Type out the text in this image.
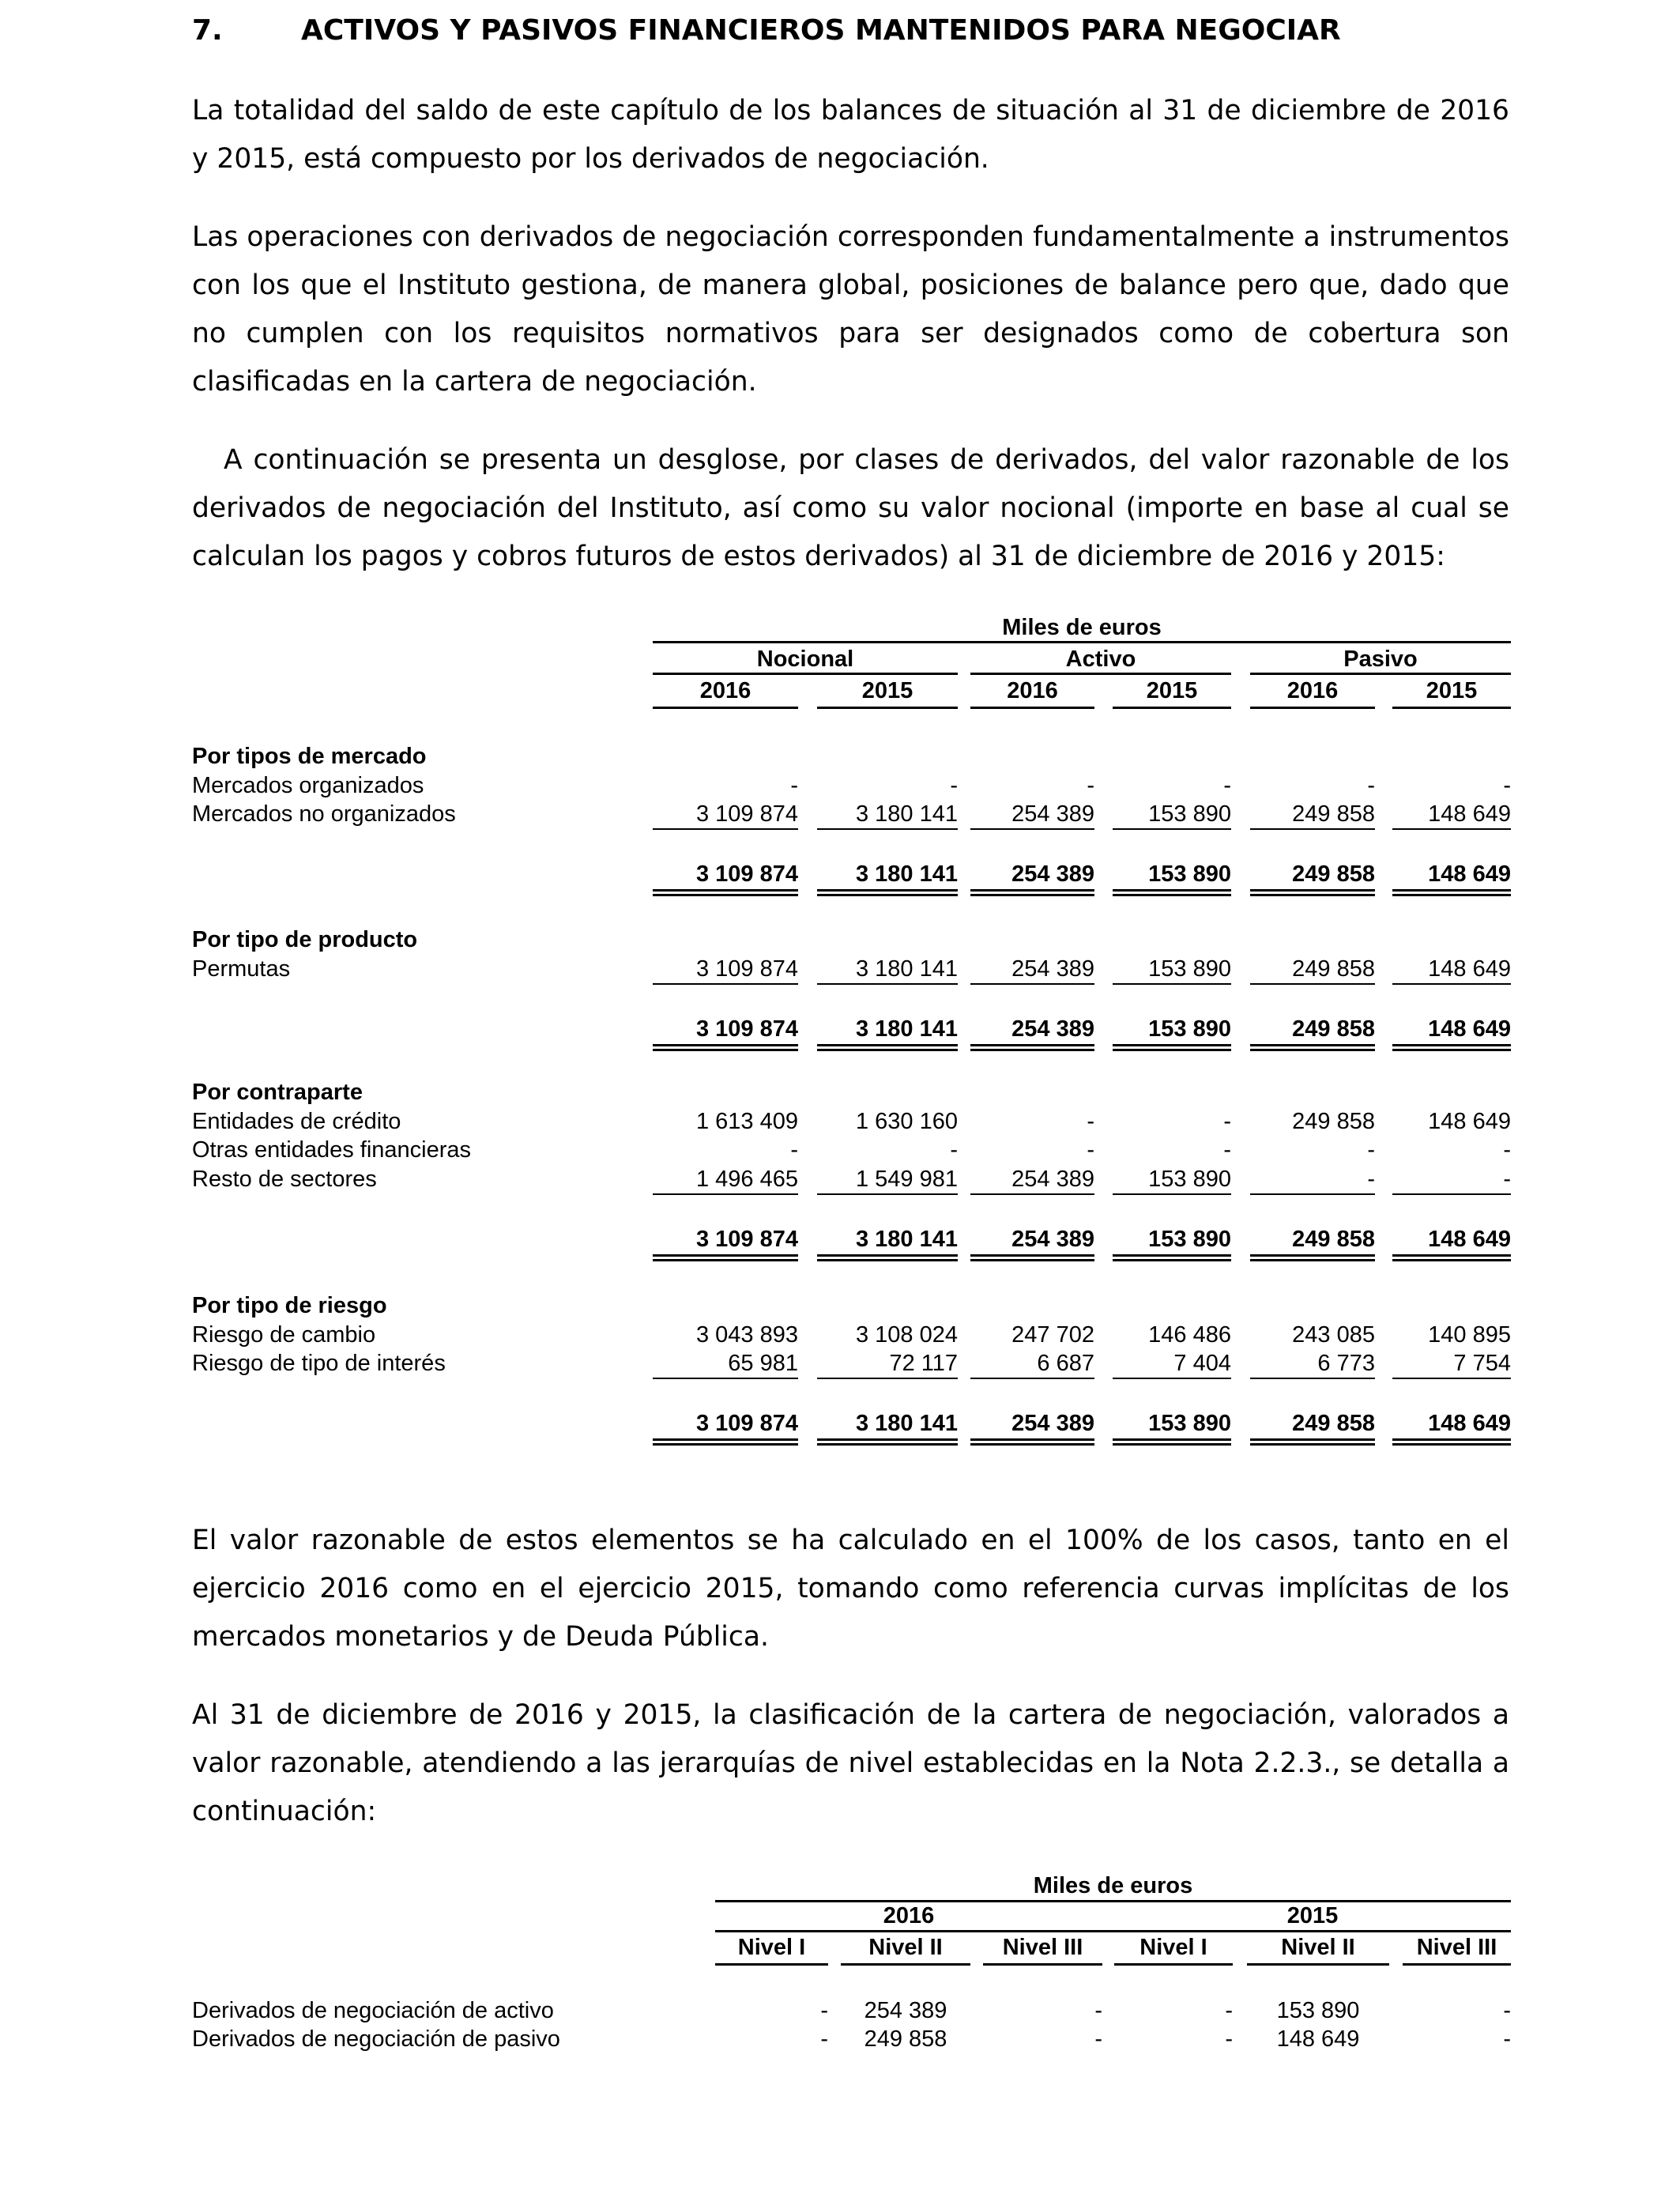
7.	ACTIVOS Y PASIVOS FINANCIEROS MANTENIDOS PARA NEGOCIAR

La totalidad del saldo de este capítulo de los balances de situación al 31 de diciembre de 2016 y 2015, está compuesto por los derivados de negociación.

Las operaciones con derivados de negociación corresponden fundamentalmente a instrumentos con los que el Instituto gestiona, de manera global, posiciones de balance pero que, dado que no cumplen con los requisitos normativos para ser designados como de cobertura son clasificadas en la cartera de negociación.

A continuación se presenta un desglose, por clases de derivados, del valor razonable de los derivados de negociación del Instituto, así como su valor nocional (importe en base al cual se calculan los pagos y cobros futuros de estos derivados) al 31 de diciembre de 2016 y 2015:

Miles de euros
Nocional	Activo	Pasivo
2016	2015	2016	2015	2016	2015
Por tipos de mercado
Mercados organizados	-	-	-	-	-	-
Mercados no organizados	3 109 874	3 180 141	254 389	153 890	249 858	148 649
3 109 874	3 180 141	254 389	153 890	249 858	148 649
Por tipo de producto
Permutas	3 109 874	3 180 141	254 389	153 890	249 858	148 649
3 109 874	3 180 141	254 389	153 890	249 858	148 649
Por contraparte
Entidades de crédito	1 613 409	1 630 160	-	-	249 858	148 649
Otras entidades financieras	-	-	-	-	-	-
Resto de sectores	1 496 465	1 549 981	254 389	153 890	-	-
3 109 874	3 180 141	254 389	153 890	249 858	148 649
Por tipo de riesgo
Riesgo de cambio	3 043 893	3 108 024	247 702	146 486	243 085	140 895
Riesgo de tipo de interés	65 981	72 117	6 687	7 404	6 773	7 754
3 109 874	3 180 141	254 389	153 890	249 858	148 649

El valor razonable de estos elementos se ha calculado en el 100% de los casos, tanto en el ejercicio 2016 como en el ejercicio 2015, tomando como referencia curvas implícitas de los mercados monetarios y de Deuda Pública.

Al 31 de diciembre de 2016 y 2015, la clasificación de la cartera de negociación, valorados a valor razonable, atendiendo a las jerarquías de nivel establecidas en la Nota 2.2.3., se detalla a continuación:

Miles de euros
2016	2015
Nivel I	Nivel II	Nivel III	Nivel I	Nivel II	Nivel III
Derivados de negociación de activo	-	254 389	-	-	153 890	-
Derivados de negociación de pasivo	-	249 858	-	-	148 649	-
